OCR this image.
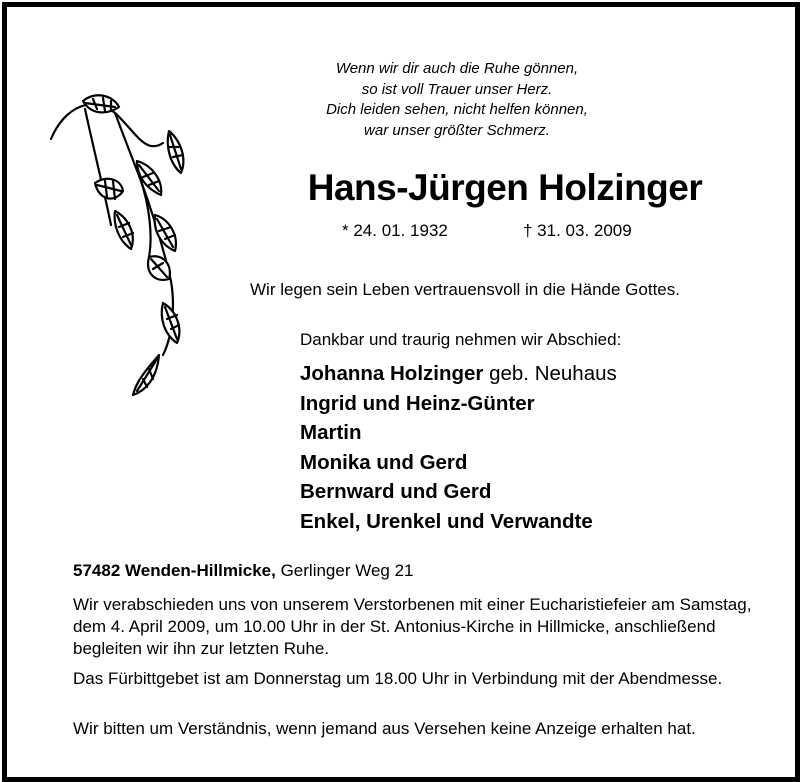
Wenn wir dir auch die Ruhe gönnen,
so ist voll Trauer unser Herz.
Dich leiden sehen, nicht helfen können,
war unser größter Schmerz.
Hans-Jürgen Holzinger
* 24. 01. 1932	† 31. 03. 2009
Wir legen sein Leben vertrauensvoll in die Hände Gottes.
Dankbar und traurig nehmen wir Abschied:
Johanna Holzinger geb. Neuhaus
Ingrid und Heinz-Günter
Martin
Monika und Gerd
Bernward und Gerd
Enkel, Urenkel und Verwandte
57482 Wenden-Hillmicke, Gerlinger Weg 21
Wir verabschieden uns von unserem Verstorbenen mit einer Eucharistiefeier am Samstag, dem 4. April 2009, um 10.00 Uhr in der St. Antonius-Kirche in Hillmicke, anschließend begleiten wir ihn zur letzten Ruhe.
Das Fürbittgebet ist am Donnerstag um 18.00 Uhr in Verbindung mit der Abendmesse.
Wir bitten um Verständnis, wenn jemand aus Versehen keine Anzeige erhalten hat.
